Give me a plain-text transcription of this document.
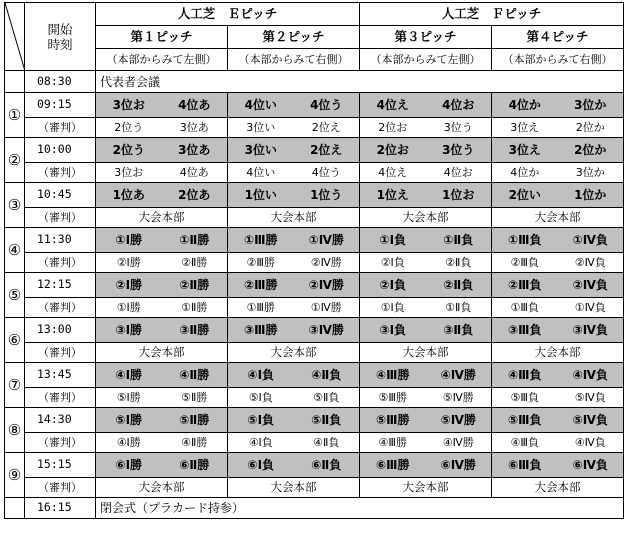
	開始
時刻	人工芝　Ｅピッチ				人工芝　Ｆピッチ			
		第１ピッチ		第２ピッチ		第３ピッチ		第４ピッチ	
		（本部からみて左側）		（本部からみて右側）		（本部からみて左側）		（本部からみて右側）	
	08:30	代表者会議							
①	09:15	3位お	4位あ	4位い	4位う	4位え	4位お	4位か	3位か
	（審判）	2位う	3位あ	3位い	2位え	2位お	3位う	3位え	2位か
②	10:00	2位う	3位あ	3位い	2位え	2位お	3位う	3位え	2位か
	（審判）	3位お	4位あ	4位い	4位う	4位え	4位お	4位か	3位か
③	10:45	1位あ	2位あ	1位い	1位う	1位え	1位お	2位い	1位か
	（審判）	大会本部		大会本部		大会本部		大会本部	
④	11:30	①Ⅰ勝	①Ⅱ勝	①Ⅲ勝	①Ⅳ勝	①Ⅰ負	①Ⅱ負	①Ⅲ負	①Ⅳ負
	（審判）	②Ⅰ勝	②Ⅱ勝	②Ⅲ勝	②Ⅳ勝	②Ⅰ負	②Ⅱ負	②Ⅲ負	②Ⅳ負
⑤	12:15	②Ⅰ勝	②Ⅱ勝	②Ⅲ勝	②Ⅳ勝	②Ⅰ負	②Ⅱ負	②Ⅲ負	②Ⅳ負
	（審判）	①Ⅰ勝	①Ⅱ勝	①Ⅲ勝	①Ⅳ勝	①Ⅰ負	①Ⅱ負	①Ⅲ負	①Ⅳ負
⑥	13:00	③Ⅰ勝	③Ⅱ勝	③Ⅲ勝	③Ⅳ勝	③Ⅰ負	③Ⅱ負	③Ⅲ負	③Ⅳ負
	（審判）	大会本部		大会本部		大会本部		大会本部	
⑦	13:45	④Ⅰ勝	④Ⅱ勝	④Ⅰ負	④Ⅱ負	④Ⅲ勝	④Ⅳ勝	④Ⅲ負	④Ⅳ負
	（審判）	⑤Ⅰ勝	⑤Ⅱ勝	⑤Ⅰ負	⑤Ⅱ負	⑤Ⅲ勝	⑤Ⅳ勝	⑤Ⅲ負	⑤Ⅳ負
⑧	14:30	⑤Ⅰ勝	⑤Ⅱ勝	⑤Ⅰ負	⑤Ⅱ負	⑤Ⅲ勝	⑤Ⅳ勝	⑤Ⅲ負	⑤Ⅳ負
	（審判）	④Ⅰ勝	④Ⅱ勝	④Ⅰ負	④Ⅱ負	④Ⅲ勝	④Ⅳ勝	④Ⅲ負	④Ⅳ負
⑨	15:15	⑥Ⅰ勝	⑥Ⅱ勝	⑥Ⅰ負	⑥Ⅱ負	⑥Ⅲ勝	⑥Ⅳ勝	⑥Ⅲ負	⑥Ⅳ負
	（審判）	大会本部		大会本部		大会本部		大会本部	
	16:15	閉会式（プラカード持参）							
